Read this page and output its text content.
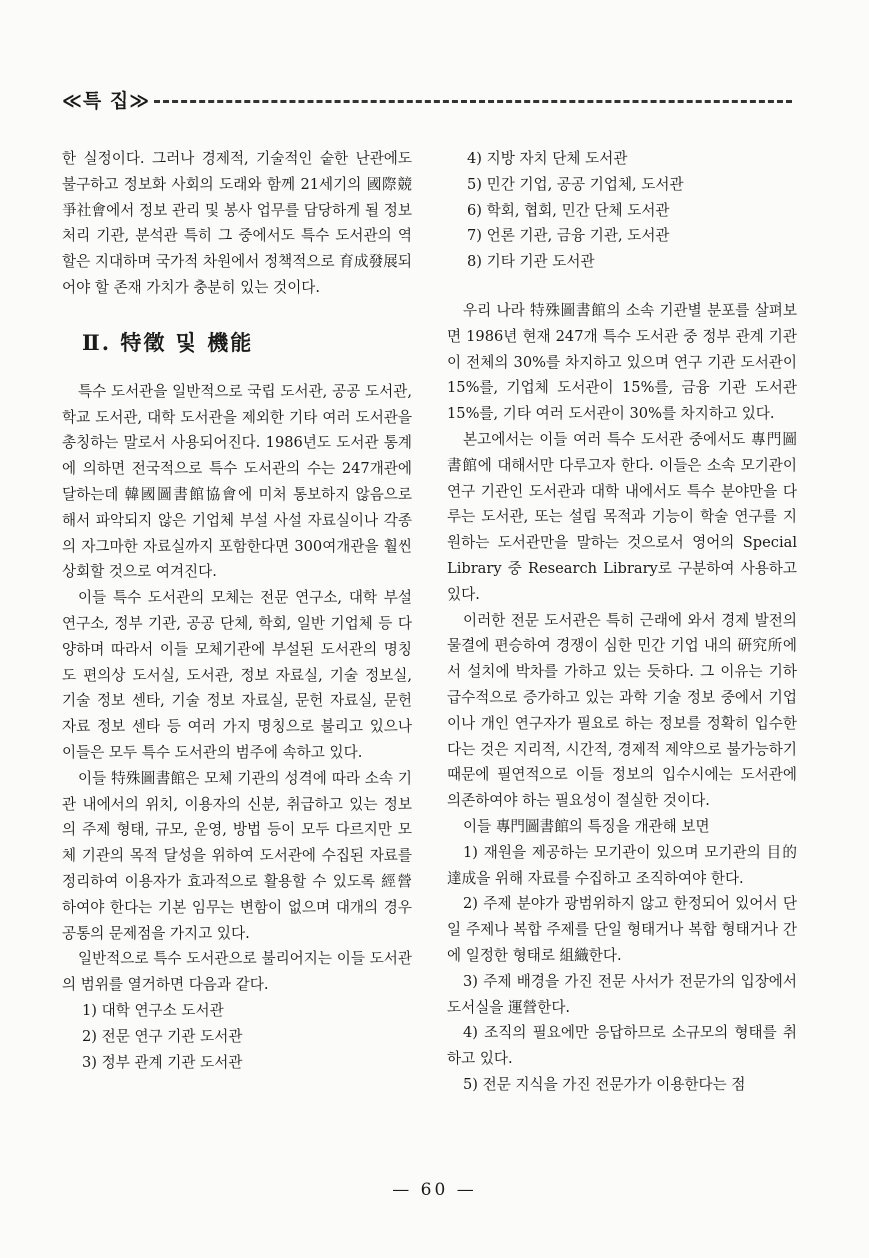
≪특 집≫

한 실정이다. 그러나 경제적, 기술적인 숱한 난관에도 불구하고 정보화 사회의 도래와 함께 21세기의 國際競爭社會에서 정보 관리 및 봉사 업무를 담당하게 될 정보 처리 기관, 분석관 특히 그 중에서도 특수 도서관의 역할은 지대하며 국가적 차원에서 정책적으로 育成發展되어야 할 존재 가치가 충분히 있는 것이다.

Ⅱ. 特徵 및 機能

특수 도서관을 일반적으로 국립 도서관, 공공 도서관, 학교 도서관, 대학 도서관을 제외한 기타 여러 도서관을 총칭하는 말로서 사용되어진다. 1986년도 도서관 통계에 의하면 전국적으로 특수 도서관의 수는 247개관에 달하는데 韓國圖書館協會에 미처 통보하지 않음으로 해서 파악되지 않은 기업체 부설 사설 자료실이나 각종의 자그마한 자료실까지 포함한다면 300여개관을 훨씬 상회할 것으로 여겨진다.

이들 특수 도서관의 모체는 전문 연구소, 대학 부설 연구소, 정부 기관, 공공 단체, 학회, 일반 기업체 등 다양하며 따라서 이들 모체기관에 부설된 도서관의 명칭도 편의상 도서실, 도서관, 정보 자료실, 기술 정보실, 기술 정보 센타, 기술 정보 자료실, 문헌 자료실, 문헌 자료 정보 센타 등 여러 가지 명칭으로 불리고 있으나 이들은 모두 특수 도서관의 범주에 속하고 있다.

이들 特殊圖書館은 모체 기관의 성격에 따라 소속 기관 내에서의 위치, 이용자의 신분, 취급하고 있는 정보의 주제 형태, 규모, 운영, 방법 등이 모두 다르지만 모체 기관의 목적 달성을 위하여 도서관에 수집된 자료를 정리하여 이용자가 효과적으로 활용할 수 있도록 經營하여야 한다는 기본 임무는 변함이 없으며 대개의 경우 공통의 문제점을 가지고 있다.

일반적으로 특수 도서관으로 불리어지는 이들 도서관의 범위를 열거하면 다음과 같다.

1) 대학 연구소 도서관

2) 전문 연구 기관 도서관

3) 정부 관계 기관 도서관

4) 지방 자치 단체 도서관

5) 민간 기업, 공공 기업체, 도서관

6) 학회, 협회, 민간 단체 도서관

7) 언론 기관, 금융 기관, 도서관

8) 기타 기관 도서관

우리 나라 特殊圖書館의 소속 기관별 분포를 살펴보면 1986년 현재 247개 특수 도서관 중 정부 관계 기관이 전체의 30%를 차지하고 있으며 연구 기관 도서관이 15%를, 기업체 도서관이 15%를, 금융 기관 도서관 15%를, 기타 여러 도서관이 30%를 차지하고 있다.

본고에서는 이들 여러 특수 도서관 중에서도 專門圖書館에 대해서만 다루고자 한다. 이들은 소속 모기관이 연구 기관인 도서관과 대학 내에서도 특수 분야만을 다루는 도서관, 또는 설립 목적과 기능이 학술 연구를 지원하는 도서관만을 말하는 것으로서 영어의 Special Library 중 Research Library로 구분하여 사용하고 있다.

이러한 전문 도서관은 특히 근래에 와서 경제 발전의 물결에 편승하여 경쟁이 심한 민간 기업 내의 硏究所에서 설치에 박차를 가하고 있는 듯하다. 그 이유는 기하 급수적으로 증가하고 있는 과학 기술 정보 중에서 기업이나 개인 연구자가 필요로 하는 정보를 정확히 입수한다는 것은 지리적, 시간적, 경제적 제약으로 불가능하기 때문에 필연적으로 이들 정보의 입수시에는 도서관에 의존하여야 하는 필요성이 절실한 것이다.

이들 專門圖書館의 특징을 개관해 보면

1) 재원을 제공하는 모기관이 있으며 모기관의 目的達成을 위해 자료를 수집하고 조직하여야 한다.

2) 주제 분야가 광범위하지 않고 한정되어 있어서 단일 주제나 복합 주제를 단일 형태거나 복합 형태거나 간에 일정한 형태로 組織한다.

3) 주제 배경을 가진 전문 사서가 전문가의 입장에서 도서실을 運營한다.

4) 조직의 필요에만 응답하므로 소규모의 형태를 취하고 있다.

5) 전문 지식을 가진 전문가가 이용한다는 점

— 60 —
